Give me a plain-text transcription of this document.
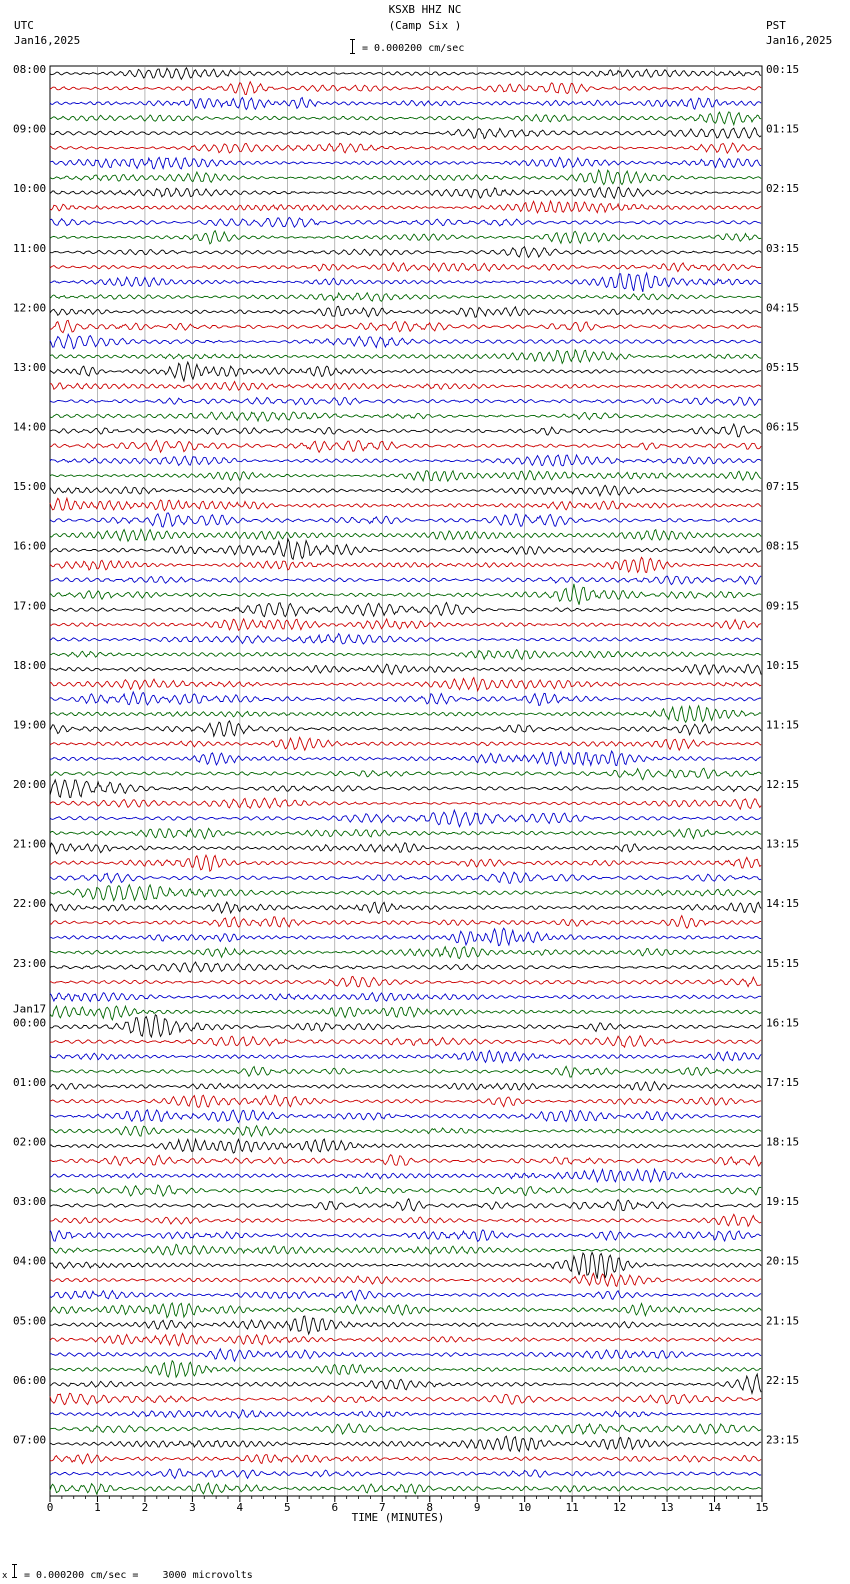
KSXB HHZ NC
(Camp Six )
= 0.000200 cm/sec
UTC
Jan16,2025
PST
Jan16,2025
08:00
09:00
10:00
11:00
12:00
13:00
14:00
15:00
16:00
17:00
18:00
19:00
20:00
21:00
22:00
23:00
00:00
01:00
02:00
03:00
04:00
05:00
06:00
07:00
Jan17
00:15
01:15
02:15
03:15
04:15
05:15
06:15
07:15
08:15
09:15
10:15
11:15
12:15
13:15
14:15
15:15
16:15
17:15
18:15
19:15
20:15
21:15
22:15
23:15
0	1	2	3	4	5	6	7	8	9	10	11	12	13	14	15
TIME (MINUTES)
x = 0.000200 cm/sec =    3000 microvolts
